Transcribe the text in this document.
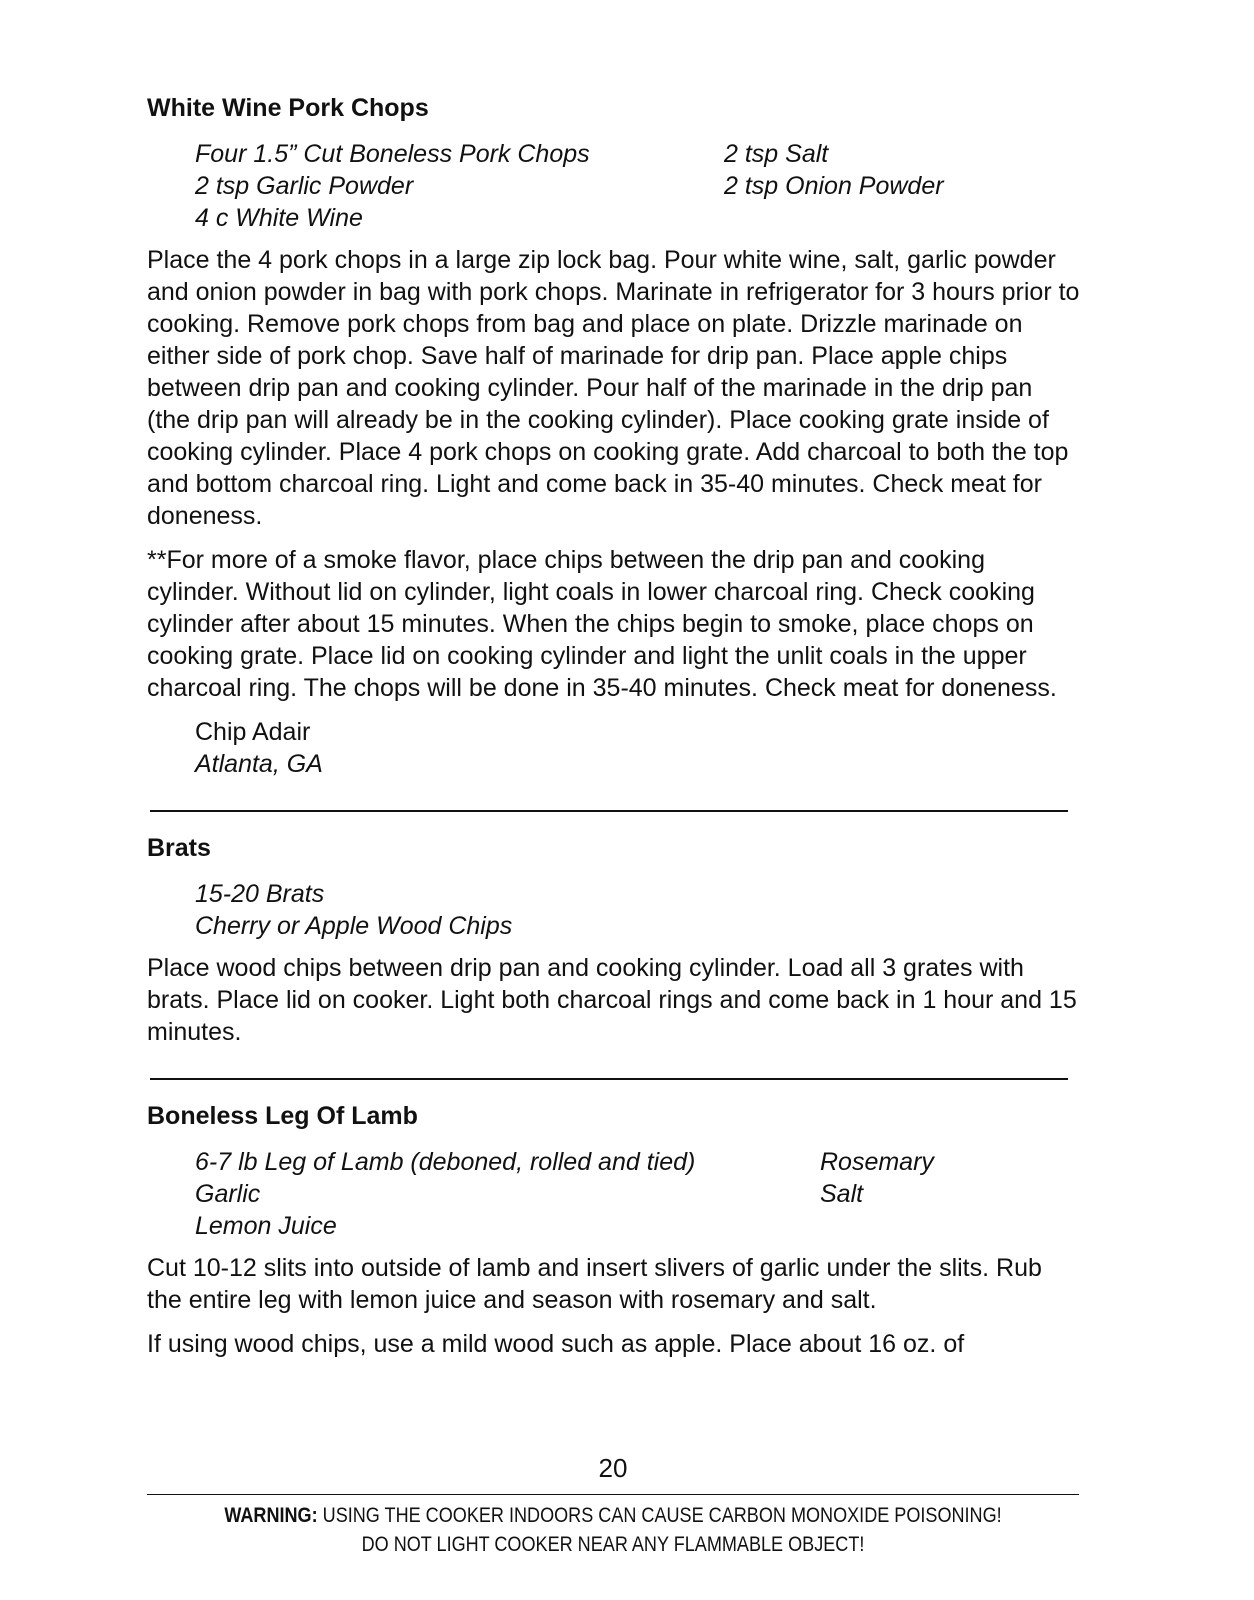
White Wine Pork Chops
Four 1.5” Cut Boneless Pork Chops	2 tsp Salt
2 tsp Garlic Powder	2 tsp Onion Powder
4 c White Wine

Place the 4 pork chops in a large zip lock bag. Pour white wine, salt, garlic powder and onion powder in bag with pork chops. Marinate in refrigerator for 3 hours prior to cooking. Remove pork chops from bag and place on plate. Drizzle marinade on either side of pork chop. Save half of marinade for drip pan. Place apple chips between drip pan and cooking cylinder. Pour half of the marinade in the drip pan (the drip pan will already be in the cooking cylinder). Place cooking grate inside of cooking cylinder. Place 4 pork chops on cooking grate. Add charcoal to both the top and bottom charcoal ring. Light and come back in 35-40 minutes. Check meat for doneness.

**For more of a smoke flavor, place chips between the drip pan and cooking cylinder. Without lid on cylinder, light coals in lower charcoal ring. Check cooking cylinder after about 15 minutes. When the chips begin to smoke, place chops on cooking grate. Place lid on cooking cylinder and light the unlit coals in the upper charcoal ring. The chops will be done in 35-40 minutes. Check meat for doneness.

Chip Adair
Atlanta, GA
Brats
15-20 Brats
Cherry or Apple Wood Chips

Place wood chips between drip pan and cooking cylinder. Load all 3 grates with brats. Place lid on cooker. Light both charcoal rings and come back in 1 hour and 15 minutes.

Boneless Leg Of Lamb
6-7 lb Leg of Lamb (deboned, rolled and tied)	Rosemary
Garlic	Salt
Lemon Juice

Cut 10-12 slits into outside of lamb and insert slivers of garlic under the slits. Rub the entire leg with lemon juice and season with rosemary and salt.

If using wood chips, use a mild wood such as apple. Place about 16 oz. of

20
WARNING: USING THE COOKER INDOORS CAN CAUSE CARBON MONOXIDE POISONING!
DO NOT LIGHT COOKER NEAR ANY FLAMMABLE OBJECT!
